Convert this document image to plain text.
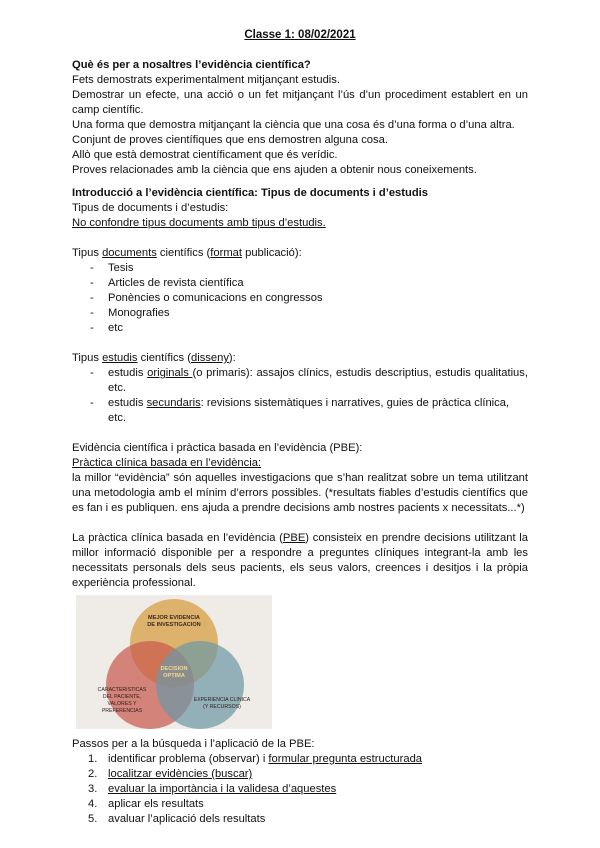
Classe 1: 08/02/2021

Què és per a nosaltres l’evidència científica?

Fets demostrats experimentalment mitjançant estudis.

Demostrar un efecte, una acció o un fet mitjançant l’ús d’un procediment establert en un camp científic.

Una forma que demostra mitjançant la ciència que una cosa és d’una forma o d’una altra.

Conjunt de proves científiques que ens demostren alguna cosa.

Allò que està demostrat científicament que és verídic.

Proves relacionades amb la ciència que ens ajuden a obtenir nous coneixements.

Introducció a l’evidència científica: Tipus de documents i d’estudis

Tipus de documents i d’estudis:

No confondre tipus documents amb tipus d’estudis.

Tipus documents científics (format publicació):

- Tesis
- Articles de revista científica
- Ponències o comunicacions en congressos
- Monografies
- etc

Tipus estudis científics (disseny):

- estudis originals (o primaris): assajos clínics, estudis descriptius, estudis qualitatius, etc.
- estudis secundaris: revisions sistemàtiques i narratives, guies de pràctica clínica, etc.

Evidència científica i pràctica basada en l’evidència (PBE):

Pràctica clínica basada en l’evidència:

la millor “evidència” són aquelles investigacions que s’han realitzat sobre un tema utilitzant una metodologia amb el mínim d’errors possibles. (*resultats fiables d’estudis científics que es fan i es publiquen. ens ajuda a prendre decisions amb nostres pacients x necessitats...*)

La pràctica clínica basada en l’evidència (PBE) consisteix en prendre decisions utilitzant la millor informació disponible per a respondre a preguntes clíniques integrant-la amb les necessitats personals dels seus pacients, els seus valors, creences i desitjos i la pròpia experiència professional.

MEJOR EVIDENCIA
DE INVESTIGACION
DECISION
OPTIMA
CARACTERISTICAS
DEL PACIENTE,
VALORES Y
PREFERENCIAS
EXPERIENCIA CLINICA
(Y RECURSOS)

Passos per a la búsqueda i l’aplicació de la PBE:

1. identificar problema (observar) i formular pregunta estructurada
2. localitzar evidències (buscar)
3. evaluar la importància i la validesa d’aquestes
4. aplicar els resultats
5. avaluar l’aplicació dels resultats
